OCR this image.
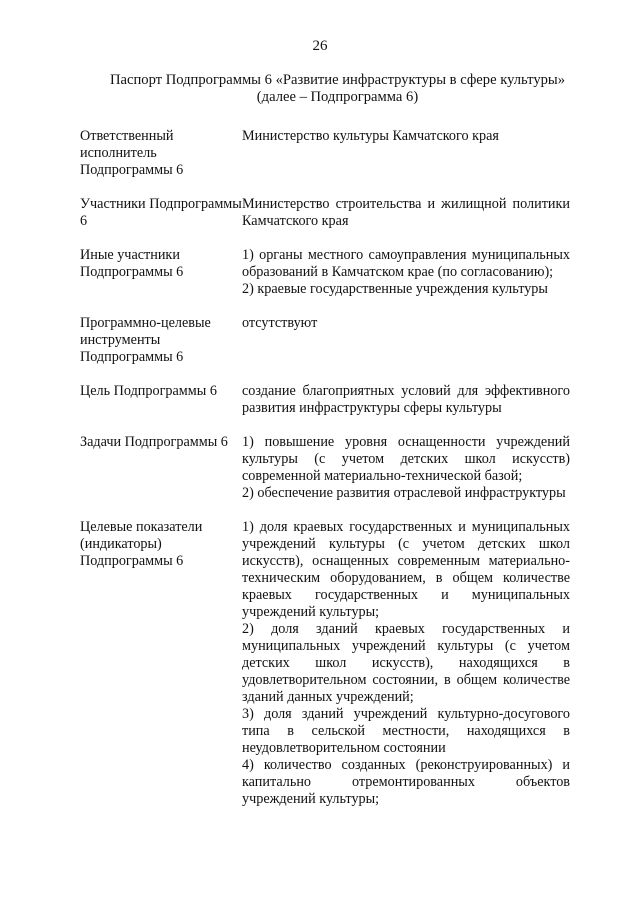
26
Паспорт Подпрограммы 6 «Развитие инфраструктуры в сфере культуры»
(далее – Подпрограмма 6)
Ответственный исполнитель Подпрограммы 6

Министерство культуры Камчатского края

Участники Подпрограммы 6

Министерство строительства и жилищной политики Камчатского края

Иные участники Подпрограммы 6

1) органы местного самоуправления муниципальных образований в Камчатском крае (по согласованию);

2) краевые государственные учреждения культуры

Программно-целевые инструменты Подпрограммы 6

отсутствуют

Цель Подпрограммы 6	создание благоприятных условий для эффективного развития инфраструктуры сферы культуры

Задачи Подпрограммы 6 1) повышение уровня оснащенности учреждений культуры (с учетом детских школ искусств) современной материально-технической базой;

2) обеспечение развития отраслевой инфраструктуры

Целевые показатели (индикаторы) Подпрограммы 6

1) доля краевых государственных и муниципальных учреждений культуры (с учетом детских школ искусств), оснащенных современным материально-техническим оборудованием, в общем количестве краевых государственных и муниципальных учреждений культуры;

2) доля зданий краевых государственных и муниципальных учреждений культуры (с учетом детских школ искусств), находящихся в удовлетворительном состоянии, в общем количестве зданий данных учреждений;

3) доля зданий учреждений культурно-досугового типа в сельской местности, находящихся в неудовлетворительном состоянии

4) количество созданных (реконструированных) и капитально отремонтированных объектов учреждений культуры;
